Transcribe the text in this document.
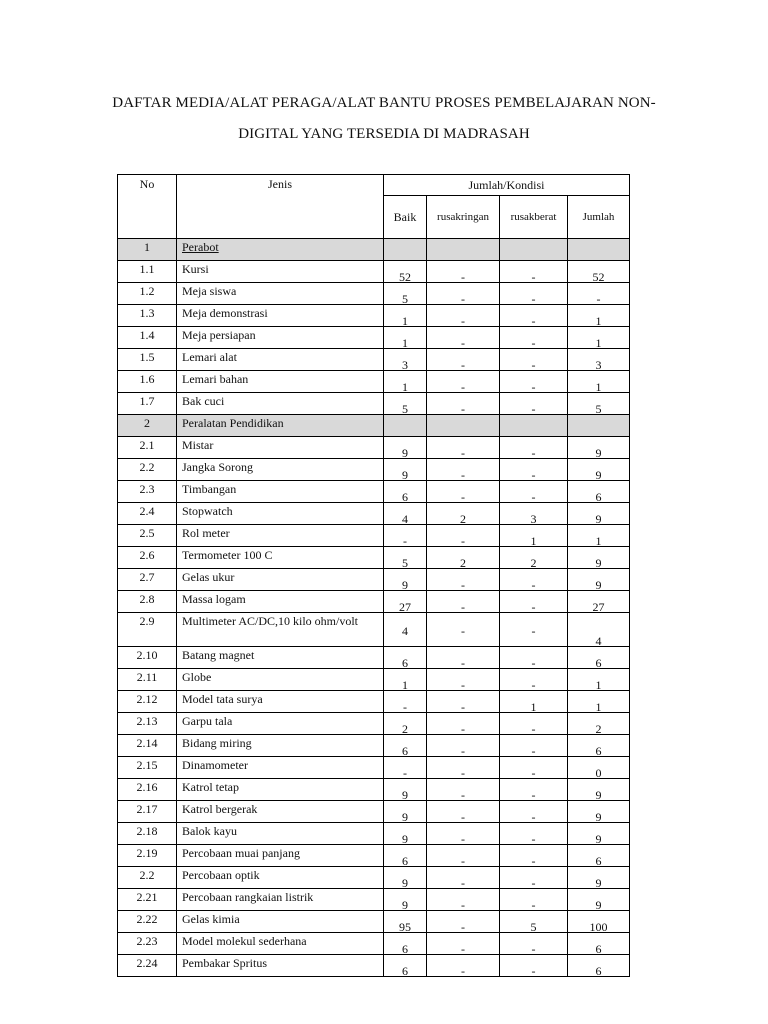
DAFTAR MEDIA/ALAT PERAGA/ALAT BANTU PROSES PEMBELAJARAN NON-
DIGITAL YANG TERSEDIA DI MADRASAH
No	Jenis	Jumlah/Kondisi			
		Baik	rusakringan	rusakberat	Jumlah
1	Perabot				
1.1	Kursi	52	-	-	52
1.2	Meja siswa	5	-	-	-
1.3	Meja demonstrasi	1	-	-	1
1.4	Meja persiapan	1	-	-	1
1.5	Lemari alat	3	-	-	3
1.6	Lemari bahan	1	-	-	1
1.7	Bak cuci	5	-	-	5
2	Peralatan Pendidikan				
2.1	Mistar	9	-	-	9
2.2	Jangka Sorong	9	-	-	9
2.3	Timbangan	6	-	-	6
2.4	Stopwatch	4	2	3	9
2.5	Rol meter	-	-	1	1
2.6	Termometer 100 C	5	2	2	9
2.7	Gelas ukur	9	-	-	9
2.8	Massa logam	27	-	-	27
2.9	Multimeter AC/DC,10 kilo ohm/volt	4	-	-	4
2.10	Batang magnet	6	-	-	6
2.11	Globe	1	-	-	1
2.12	Model tata surya	-	-	1	1
2.13	Garpu tala	2	-	-	2
2.14	Bidang miring	6	-	-	6
2.15	Dinamometer	-	-	-	0
2.16	Katrol tetap	9	-	-	9
2.17	Katrol bergerak	9	-	-	9
2.18	Balok kayu	9	-	-	9
2.19	Percobaan muai panjang	6	-	-	6
2.2	Percobaan optik	9	-	-	9
2.21	Percobaan rangkaian listrik	9	-	-	9
2.22	Gelas kimia	95	-	5	100
2.23	Model molekul sederhana	6	-	-	6
2.24	Pembakar Spritus	6	-	-	6
